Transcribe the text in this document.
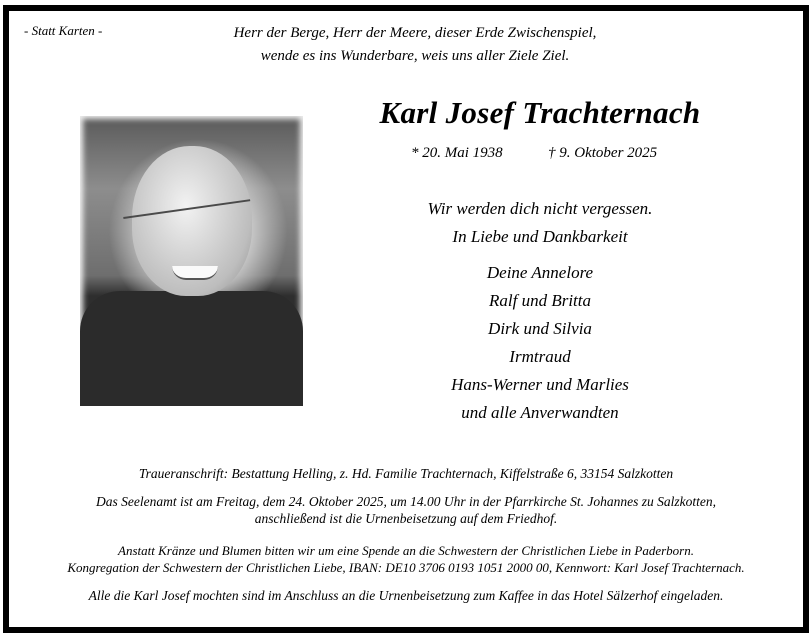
- Statt Karten -	Herr der Berge, Herr der Meere, dieser Erde Zwischenspiel,
wende es ins Wunderbare, weis uns aller Ziele Ziel.
Karl Josef Trachternach
* 20. Mai 1938	† 9. Oktober 2025
Wir werden dich nicht vergessen.
In Liebe und Dankbarkeit
Deine Annelore
Ralf und Britta
Dirk und Silvia
Irmtraud
Hans-Werner und Marlies
und alle Anverwandten
Traueranschrift: Bestattung Helling, z. Hd. Familie Trachternach, Kiffelstraße 6, 33154 Salzkotten
Das Seelenamt ist am Freitag, dem 24. Oktober 2025, um 14.00 Uhr in der Pfarrkirche St. Johannes zu Salzkotten,
anschließend ist die Urnenbeisetzung auf dem Friedhof.
Anstatt Kränze und Blumen bitten wir um eine Spende an die Schwestern der Christlichen Liebe in Paderborn.
Kongregation der Schwestern der Christlichen Liebe, IBAN: DE10 3706 0193 1051 2000 00, Kennwort: Karl Josef Trachternach.
Alle die Karl Josef mochten sind im Anschluss an die Urnenbeisetzung zum Kaffee in das Hotel Sälzerhof eingeladen.
